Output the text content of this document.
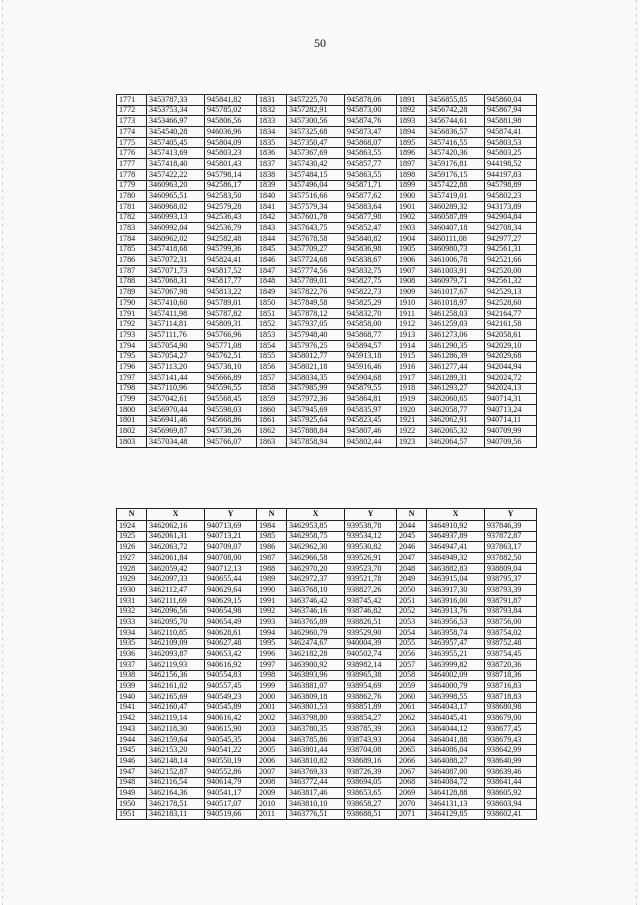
50
1771	3453787,33	945841,82	1831	3457225,70	945878,06	1891	3456855,85	945860,04
1772	3453753,34	945785,02	1832	3457282,91	945873,00	1892	3456742,28	945867,94
1773	3453466,97	945806,56	1833	3457300,56	945874,76	1893	3456744,61	945881,98
1774	3454540,28	946036,96	1834	3457325,68	945873,47	1894	3456836,57	945874,41
1775	3457405,45	945804,09	1835	3457350,47	945868,07	1895	3457416,55	945803,53
1776	3457413,69	945803,23	1836	3457367,69	945863,55	1896	3457420,36	945803,25
1777	3457418,40	945801,43	1837	3457430,42	945857,77	1897	3459176,81	944198,52
1778	3457422,22	945798,14	1838	3457484,15	945863,55	1898	3459176,15	944197,83
1779	3460963,20	942586,17	1839	3457496,04	945871,71	1899	3457422,88	945798,89
1780	3460965,51	942583,50	1840	3457516,66	945877,62	1900	3457419,01	945802,23
1781	3460968,02	942579,28	1841	3457579,34	945883,64	1901	3460289,32	943173,89
1782	3460993,13	942536,43	1842	3457601,78	945877,98	1902	3460587,89	942904,84
1783	3460992,04	942536,79	1843	3457643,75	945852,47	1903	3460407,18	942708,34
1784	3460962,02	942582,48	1844	3457678,58	945840,82	1904	3460111,08	942977,27
1785	3457418,68	945799,36	1845	3457709,27	945836,98	1905	3460980,73	942561,31
1786	3457072,31	945824,41	1846	3457724,68	945838,67	1906	3461006,78	942521,66
1787	3457071,73	945817,52	1847	3457774,56	945832,75	1907	3461003,91	942520,00
1788	3457068,31	945817,77	1848	3457789,01	945827,75	1908	3460979,71	942561,32
1789	3457067,98	945813,22	1849	3457822,76	945822,73	1909	3461017,67	942529,13
1790	3457410,60	945789,01	1850	3457849,58	945825,29	1910	3461018,97	942528,60
1791	3457411,98	945787,82	1851	3457878,12	945832,70	1911	3461258,03	942164,77
1792	3457114,81	945809,31	1852	3457937,05	945858,00	1912	3461259,03	942161,58
1793	3457111,76	945766,96	1853	3457948,40	945868,77	1913	3461273,06	942058,61
1794	3457054,90	945771,08	1854	3457976,25	945894,57	1914	3461290,35	942029,10
1795	3457054,27	945762,51	1855	3458012,77	945913,18	1915	3461286,39	942029,68
1796	3457113,20	945738,10	1856	3458021,18	945916,46	1916	3461277,44	942044,94
1797	3457141,44	945666,89	1857	3458034,35	945904,68	1917	3461289,31	942024,72
1798	3457110,96	945596,55	1858	3457985,99	945879,55	1918	3461293,27	942024,13
1799	3457042,61	945568,45	1859	3457972,36	945864,81	1919	3462060,65	940714,31
1800	3456970,44	945598,03	1860	3457945,69	945835,97	1920	3462058,77	940713,24
1801	3456941,46	945668,86	1861	3457925,64	945823,45	1921	3462062,91	940714,11
1802	3456969,87	945738,26	1862	3457888,84	945807,46	1922	3462065,32	940709,99
1803	3457034,48	945766,07	1863	3457858,94	945802,44	1923	3462064,57	940709,56
N	X	Y	N	X	Y	N	X	Y
1924	3462062,16	940713,69	1984	3462953,85	939538,78	2044	3464910,92	937846,39
1925	3462061,31	940713,21	1985	3462958,75	939534,12	2045	3464937,89	937872,87
1926	3462063,72	940709,07	1986	3462962,30	939530,82	2046	3464947,41	937863,17
1927	3462061,84	940708,00	1987	3462966,58	939526,91	2047	3464949,32	937882,50
1928	3462059,42	940712,13	1988	3462970,20	939523,70	2048	3463882,83	938809,04
1929	3462097,33	940655,44	1989	3462972,37	939521,78	2049	3463915,04	938795,37
1930	3462112,47	940629,64	1990	3463768,10	938827,26	2050	3463917,30	938793,39
1931	3462111,69	940629,15	1991	3463746,42	938745,42	2051	3463916,00	938791,87
1932	3462096,56	940654,98	1992	3463746,16	938746,82	2052	3463913,76	938793,84
1933	3462095,70	940654,49	1993	3463765,89	938826,51	2053	3463956,53	938756,00
1934	3462110,85	940628,61	1994	3462960,79	939529,90	2054	3463958,74	938754,02
1935	3462109,09	940627,48	1995	3462474,67	940004,39	2055	3463957,47	938752,48
1936	3462093,87	940653,42	1996	3462182,28	940502,74	2056	3463955,21	938754,45
1937	3462119,93	940616,92	1997	3463900,92	938982,14	2057	3463999,82	938720,36
1938	3462156,36	940554,83	1998	3463893,96	938965,38	2058	3464002,09	938718,36
1939	3462161,02	940557,45	1999	3463881,07	938954,69	2059	3464000,79	938716,83
1940	3462165,69	940549,23	2000	3463809,18	938862,76	2060	3463998,55	938718,83
1941	3462160,47	940545,89	2001	3463801,53	938851,89	2061	3464043,17	938680,98
1942	3462119,14	940616,42	2002	3463798,80	938854,27	2062	3464045,41	938679,00
1943	3462118,30	940615,90	2003	3463780,35	938785,39	2063	3464044,12	938677,45
1944	3462159,64	940545,35	2004	3463785,86	938743,93	2064	3464041,88	938679,43
1945	3462153,20	940541,22	2005	3463801,44	938704,08	2065	3464086,04	938642,99
1946	3462148,14	940550,19	2006	3463810,82	938689,16	2066	3464088,27	938640,99
1947	3462152,87	940552,86	2007	3463769,33	938726,39	2067	3464087,00	938639,46
1948	3462116,54	940614,79	2008	3463772,44	938694,05	2068	3464084,72	938641,44
1949	3462164,36	940541,17	2009	3463817,46	938653,65	2069	3464128,88	938605,92
1950	3462178,51	940517,07	2010	3463810,10	938658,27	2070	3464131,13	938603,94
1951	3462183,11	940519,66	2011	3463776,51	938688,51	2071	3464129,85	938602,41
